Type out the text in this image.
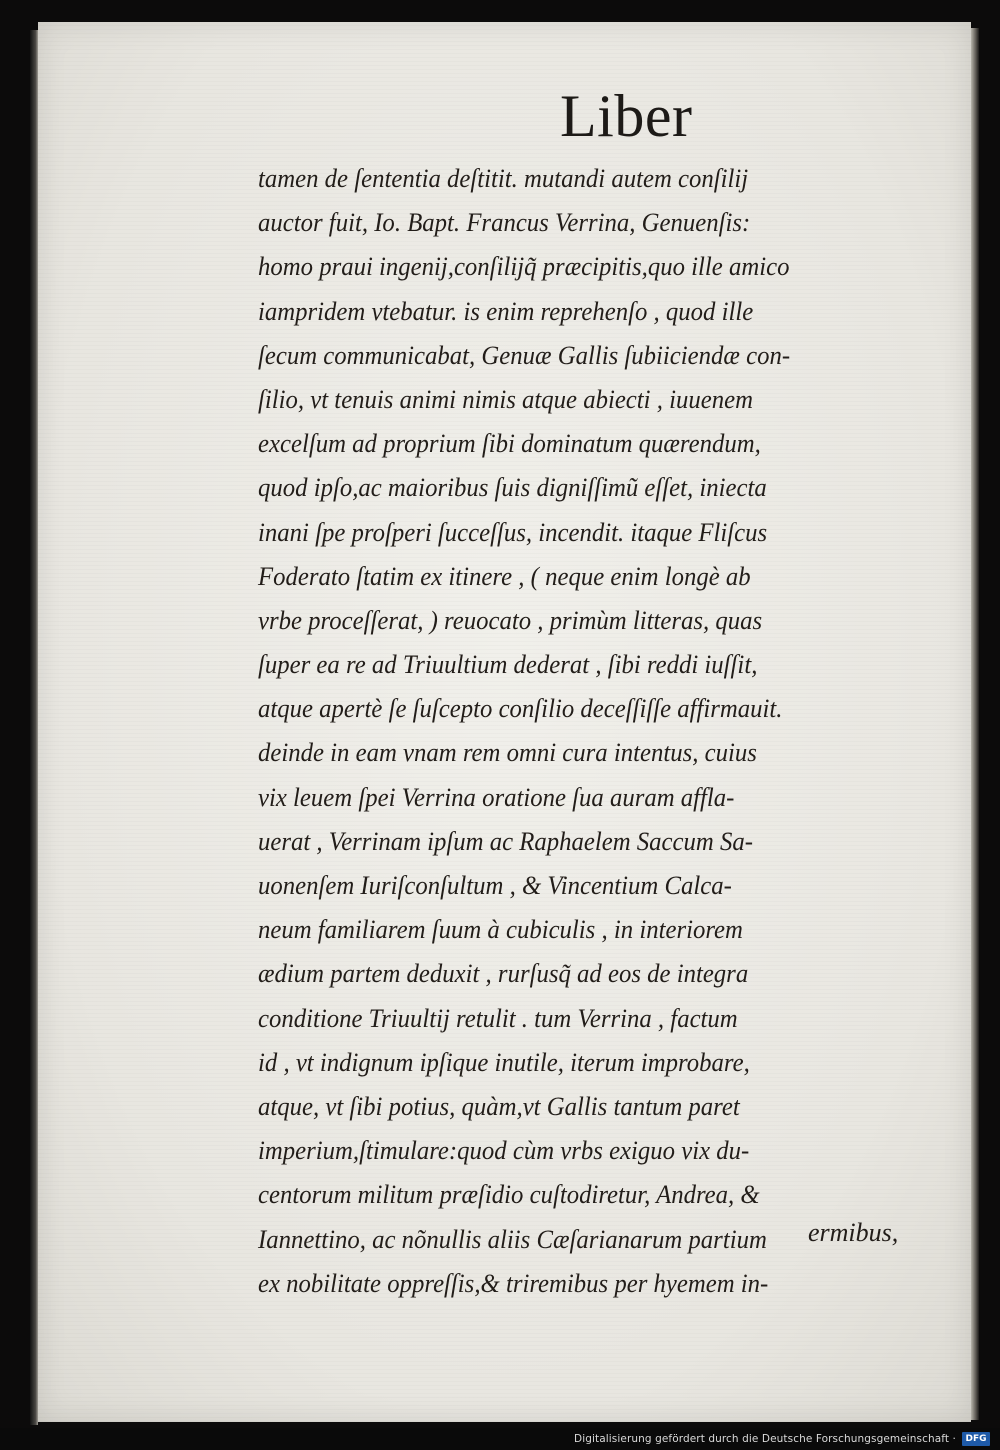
Liber
tamen de ſententia deſtitit. mutandi autem conſilij
auctor fuit, Io. Bapt. Francus Verrina, Genuenſis:
homo praui ingenij,conſilijq̃ præcipitis,quo ille amico
iampridem vtebatur. is enim reprehenſo , quod ille
ſecum communicabat, Genuæ Gallis ſubiiciendæ con-
ſilio, vt tenuis animi nimis atque abiecti , iuuenem
excelſum ad proprium ſibi dominatum quærendum,
quod ipſo,ac maioribus ſuis digniſſimũ eſſet, iniecta
inani ſpe proſperi ſucceſſus, incendit. itaque Fliſcus
Foderato ſtatim ex itinere , ( neque enim longè ab
vrbe proceſſerat, ) reuocato , primùm litteras, quas
ſuper ea re ad Triuultium dederat , ſibi reddi iuſſit,
atque apertè ſe ſuſcepto conſilio deceſſiſſe affirmauit.
deinde in eam vnam rem omni cura intentus, cuius
vix leuem ſpei Verrina oratione ſua auram affla-
uerat , Verrinam ipſum ac Raphaelem Saccum Sa-
uonenſem Iuriſconſultum , & Vincentium Calca-
neum familiarem ſuum à cubiculis , in interiorem
ædium partem deduxit , rurſusq̃ ad eos de integra
conditione Triuultij retulit . tum Verrina , factum
id , vt indignum ipſique inutile, iterum improbare,
atque, vt ſibi potius, quàm,vt Gallis tantum paret
imperium,ſtimulare:quod cùm vrbs exiguo vix du-
centorum militum præſidio cuſtodiretur, Andrea, &
Iannettino, ac nõnullis aliis Cæſarianarum partium
ex nobilitate oppreſſis,& triremibus per hyemem in-
ermibus,
Digitalisierung gefördert durch die Deutsche Forschungsgemeinschaft ·	DFG
